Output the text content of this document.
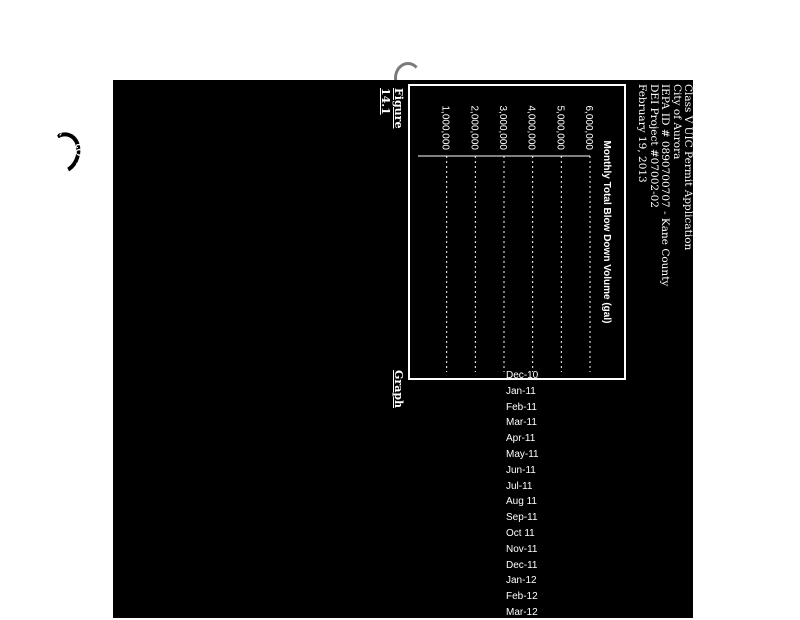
Class V UIC Permit Application
City of Aurora
IEPA ID # 0890700707 - Kane County
DEI Project #07002-02
February 19, 2013
Monthly Total Blow Down Volume (gal)
6,000,000
5,000,000
4,000,000
3,000,000
2,000,000
1,000,000
Figure 14.1
Graph	Dec-10
Jan-11
Feb-11
Mar-11
Apr-11
May-11
Jun-11
Jul-11
Aug 11
Sep-11
Oct 11
Nov-11
Dec-11
Jan-12
Feb-12
Mar-12

In order to estimate the future annual rate of lime sludge production

the feasibility of the proposed project, it is assumed that lime slud

increase 10% each year as follows (in gallons):

Year 1 .............. annually;
